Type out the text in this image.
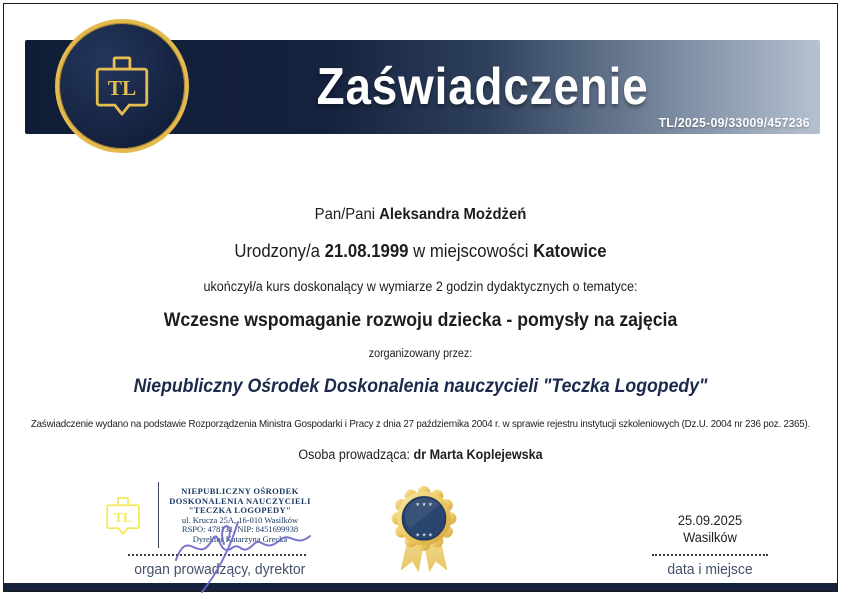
Zaświadczenie
TL/2025-09/33009/457236
TL
Pan/Pani Aleksandra Możdżeń
Urodzony/a 21.08.1999 w miejscowości Katowice
ukończył/a kurs doskonalący w wymiarze 2 godzin dydaktycznych o tematyce:
Wczesne wspomaganie rozwoju dziecka - pomysły na zajęcia
zorganizowany przez:
Niepubliczny Ośrodek Doskonalenia nauczycieli "Teczka Logopedy"
Zaświadczenie wydano na podstawie Rozporządzenia Ministra Gospodarki i Pracy z dnia 27 października 2004 r. w sprawie rejestru instytucji szkoleniowych (Dz.U. 2004 nr 236 poz. 2365).
Osoba prowadząca: dr Marta Koplejewska
TL
NIEPUBLICZNY OŚRODEK
DOSKONALENIA NAUCZYCIELI
"TECZKA LOGOPEDY"
ul. Krucza 25A, 16-010 Wasilków
RSPO: 478131, NIP: 8451699938
Dyrektor Katarzyna Grecka
organ prowadzący, dyrektor
★ ★ ★
★ ★ ★
25.09.2025
Wasilków
data i miejsce
